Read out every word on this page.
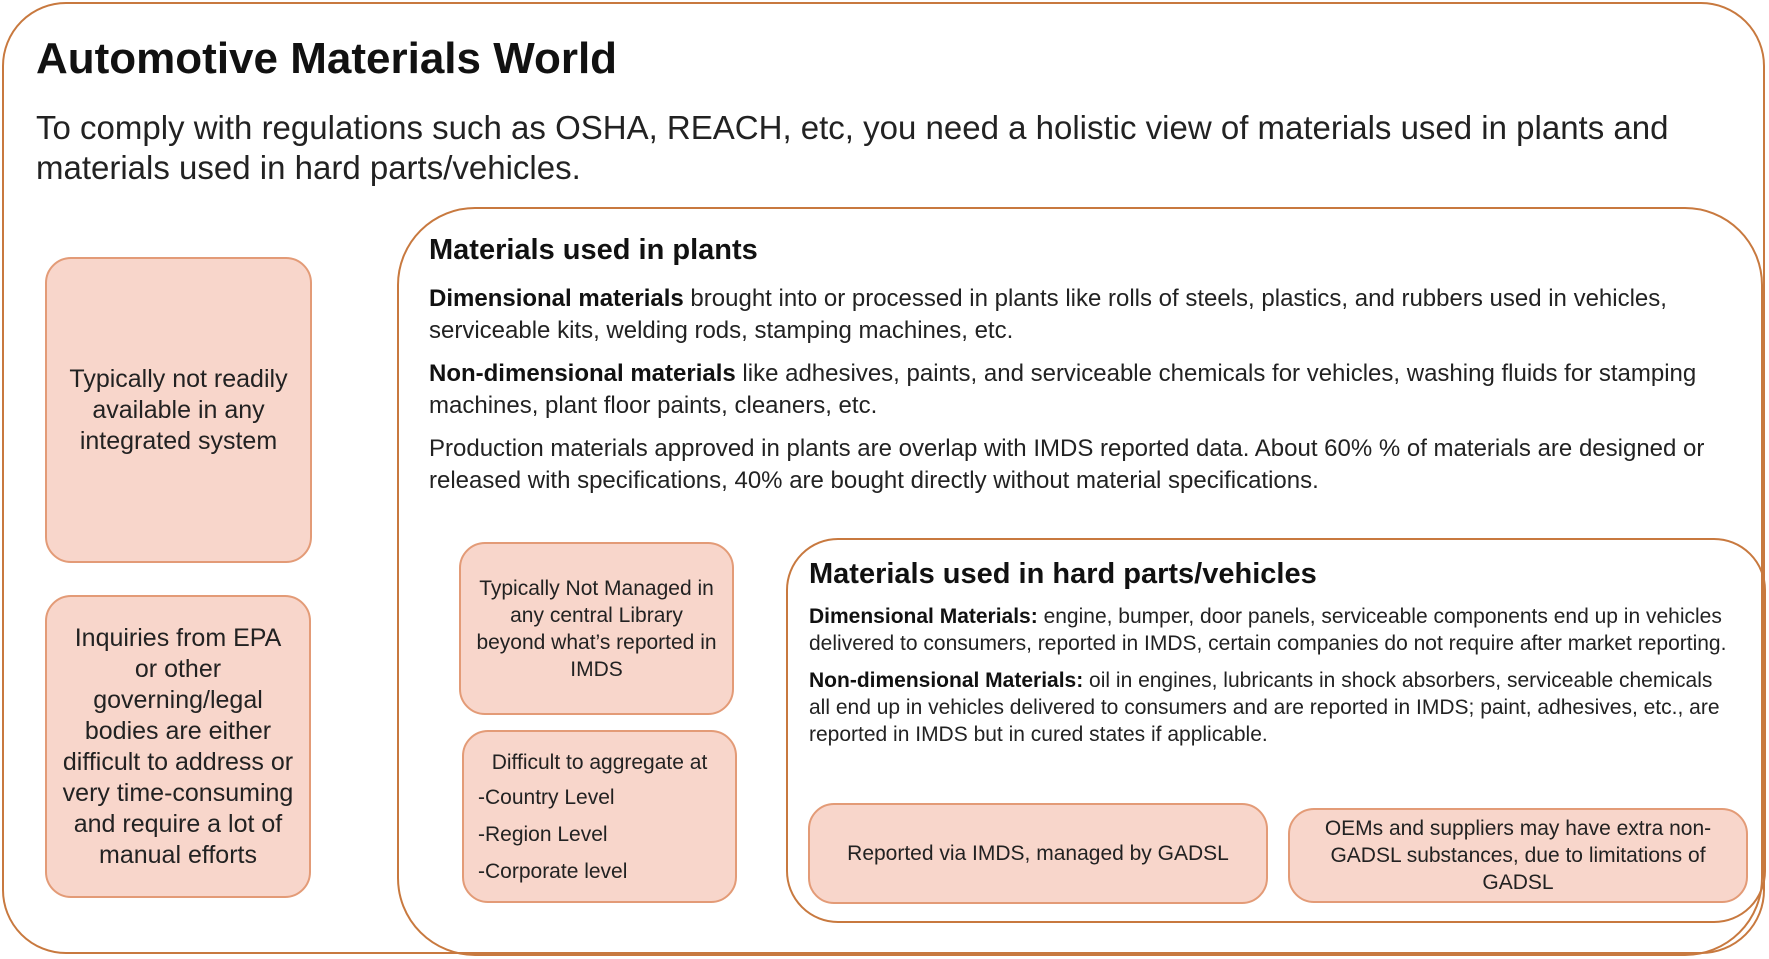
Automotive Materials World

To comply with regulations such as OSHA, REACH, etc, you need a holistic view of materials used in plants and materials used in hard parts/vehicles.

Typically not readily available in any integrated system
Inquiries from EPA or other governing/legal bodies are either difficult to address or very time-consuming and require a lot of manual efforts
Materials used in plants

Dimensional materials brought into or processed in plants like rolls of steels, plastics, and rubbers used in vehicles, serviceable kits, welding rods, stamping machines, etc.

Non-dimensional materials like adhesives, paints, and serviceable chemicals for vehicles, washing fluids for stamping machines, plant floor paints, cleaners, etc.

Production materials approved in plants are overlap with IMDS reported data. About 60% % of materials are designed or released with specifications, 40% are bought directly without material specifications.

Typically Not Managed in any central Library beyond what’s reported in IMDS
Difficult to aggregate at
-Country Level
-Region Level
-Corporate level
Materials used in hard parts/vehicles

Dimensional Materials: engine, bumper, door panels, serviceable components end up in vehicles delivered to consumers, reported in IMDS, certain companies do not require after market reporting.

Non-dimensional Materials: oil in engines, lubricants in shock absorbers, serviceable chemicals all end up in vehicles delivered to consumers and are reported in IMDS; paint, adhesives, etc., are reported in IMDS but in cured states if applicable.

Reported via IMDS, managed by GADSL
OEMs and suppliers may have extra non-GADSL substances, due to limitations of GADSL
